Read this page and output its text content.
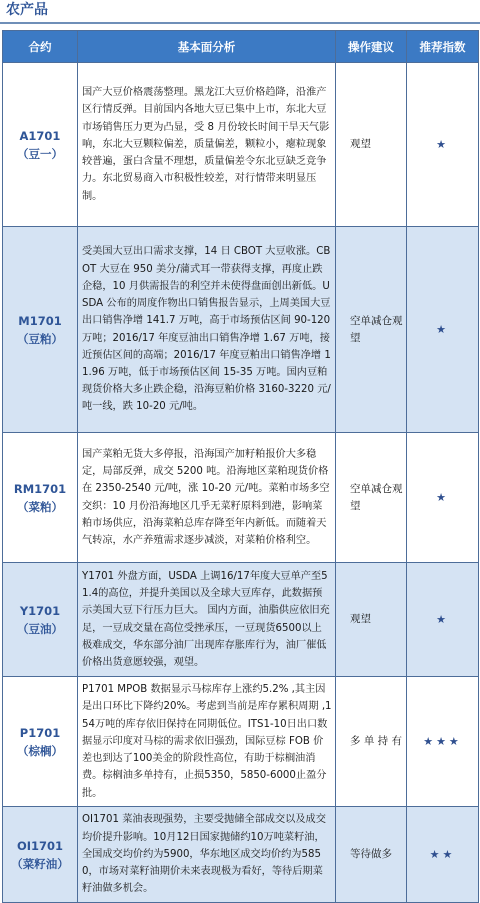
农产品
合约	基本面分析	操作建议	推荐指数

A1701
（豆一）	国产大豆价格震荡整理。黑龙江大豆价格趋降，沿淮产区行情反弹。目前国内各地大豆已集中上市，东北大豆市场销售压力更为凸显，受 8 月份较长时间干旱天气影响，东北大豆颗粒偏差，质量偏差，颗粒小，瘪粒现象较普遍，蛋白含量不理想，质量偏差令东北豆缺乏竞争力。东北贸易商入市积极性较差，对行情带来明显压制。	观望	★

M1701
（豆粕）	受美国大豆出口需求支撑，14 日 CBOT 大豆收涨。CBOT 大豆在 950 美分/蒲式耳一带获得支撑，再度止跌企稳，10 月供需报告的利空并未使得盘面创出新低。USDA 公布的周度作物出口销售报告显示，上周美国大豆出口销售净增 141.7 万吨，高于市场预估区间 90-120 万吨；2016/17 年度豆油出口销售净增 1.67 万吨，接近预估区间的高端；2016/17 年度豆粕出口销售净增 11.96 万吨，低于市场预估区间 15-35 万吨。国内豆粕现货价格大多止跌企稳，沿海豆粕价格 3160-3220 元/吨一线，跌 10-20 元/吨。	空单减仓观望	★

RM1701
（菜粕）	国产菜粕无货大多停报，沿海国产加籽粕报价大多稳定，局部反弹，成交 5200 吨。沿海地区菜粕现货价格在 2350-2540 元/吨，涨 10-20 元/吨。菜粕市场多空交织：10 月份沿海地区几乎无菜籽原料到港，影响菜粕市场供应，沿海菜粕总库存降至年内新低。而随着天气转凉，水产养殖需求逐步减淡，对菜粕价格利空。	空单减仓观望	★

Y1701
（豆油）	Y1701 外盘方面，USDA 上调16/17年度大豆单产至51.4的高位，并提升美国以及全球大豆库存，此数据预示美国大豆下行压力巨大。 国内方面，油脂供应依旧充足，一豆成交量在高位受挫承压，一豆现货6500以上极难成交，华东部分油厂出现库存胀库行为，油厂催低价格出货意愿较强，观望。	观望	★

P1701
（棕榈）	P1701 MPOB 数据显示马棕库存上涨约5.2% ,其主因是出口环比下降约20%。考虑到当前是库存累积周期 ,154万吨的库存依旧保持在同期低位。ITS1-10日出口数据显示印度对马棕的需求依旧强劲，国际豆棕 FOB 价差也到达了100美金的阶段性高位，有助于棕榈油消费。棕榈油多单持有，止损5350，5850-6000止盈分批。	多 单 持 有	★★★

OI1701
（菜籽油）	OI1701 菜油表现强势，主要受抛储全部成交以及成交均价提升影响。10月12日国家抛储约10万吨菜籽油，全国成交均价约为5900，华东地区成交均价约为5850，市场对菜籽油期价未来表现极为看好，等待后期菜籽油做多机会。	等待做多	★★
